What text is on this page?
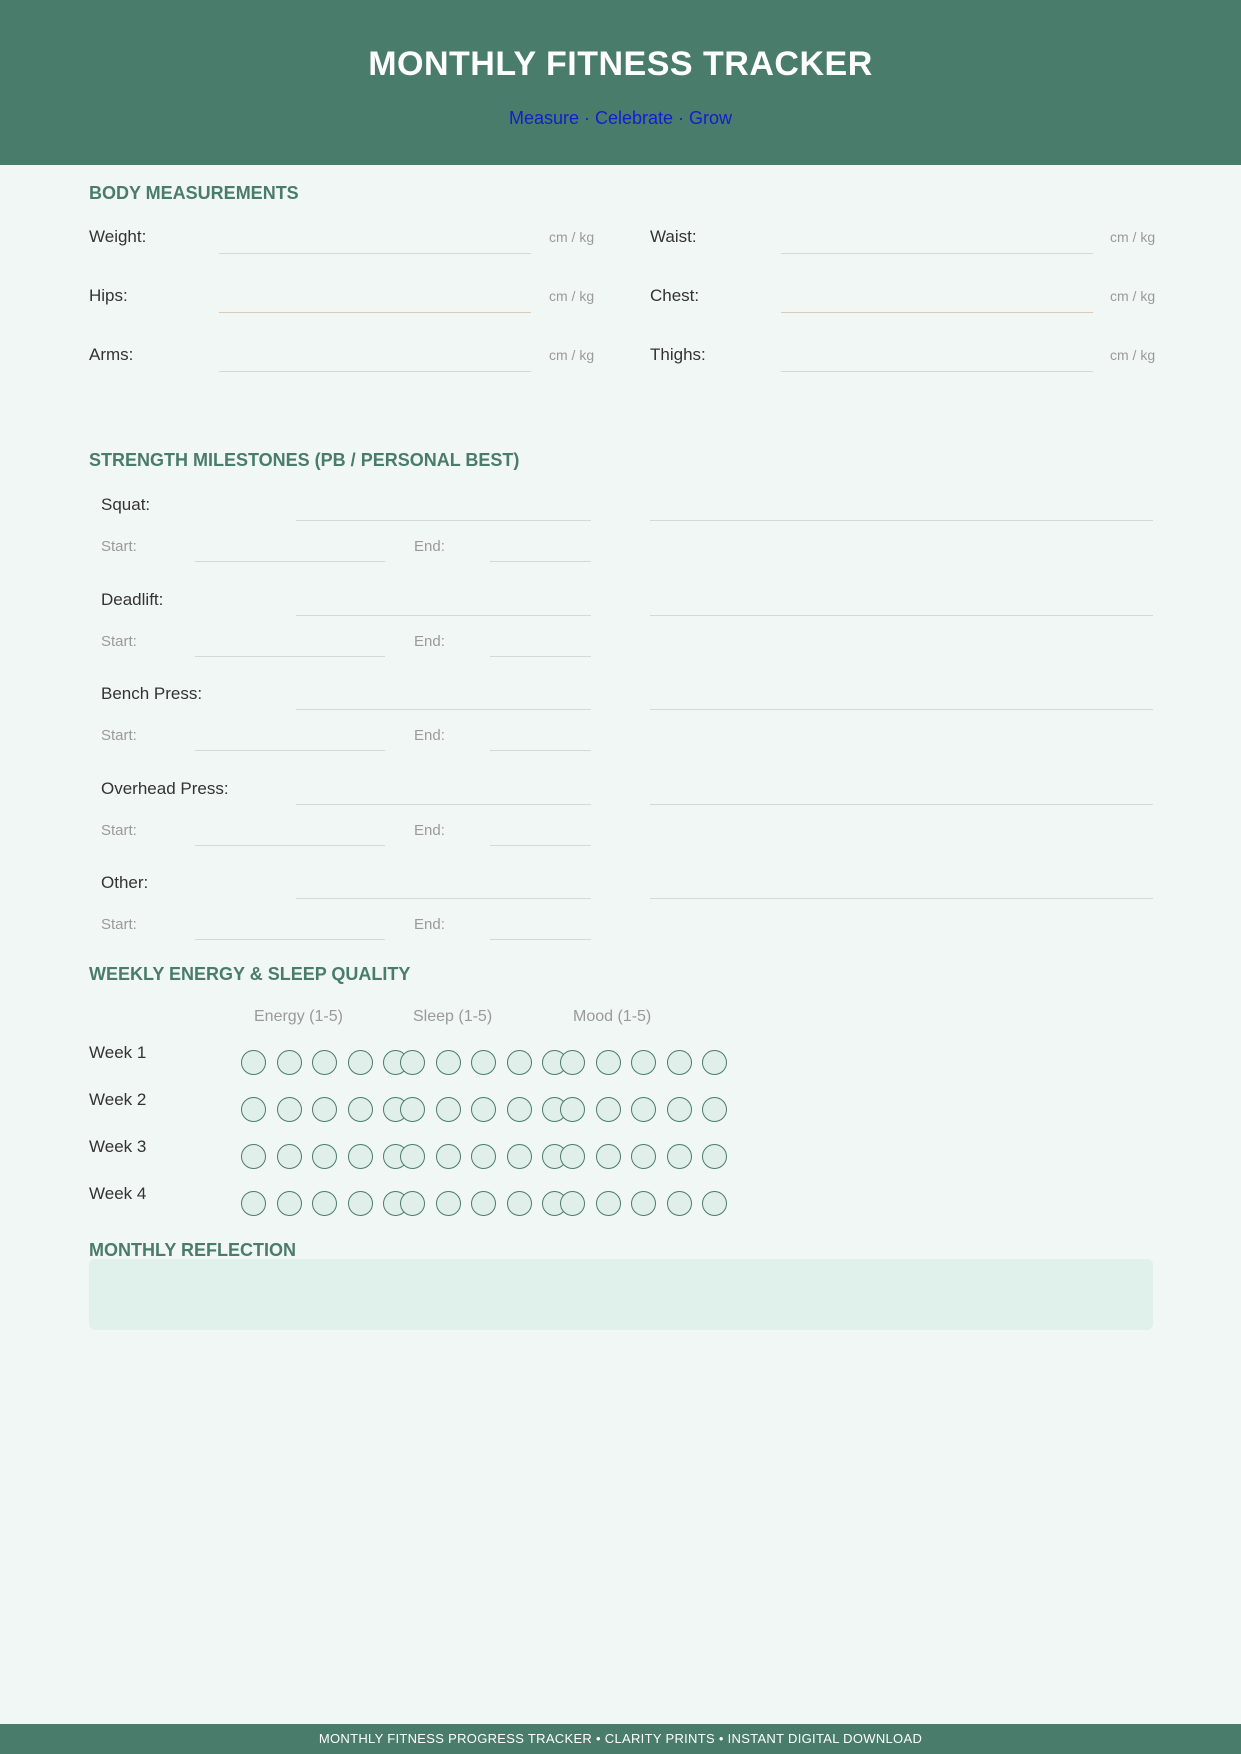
MONTHLY FITNESS TRACKER
Measure · Celebrate · Grow
BODY MEASUREMENTS
Weight:	cm / kg	Waist:	cm / kg
Hips:	cm / kg	Chest:	cm / kg
Arms:	cm / kg	Thighs:	cm / kg
STRENGTH MILESTONES (PB / PERSONAL BEST)
Squat:
Start:	End:
Deadlift:
Start:	End:
Bench Press:
Start:	End:
Overhead Press:
Start:	End:
Other:
Start:	End:
WEEKLY ENERGY & SLEEP QUALITY
Energy (1-5)	Sleep (1-5)	Mood (1-5)
Week 1
Week 2
Week 3
Week 4
MONTHLY REFLECTION
MONTHLY FITNESS PROGRESS TRACKER • CLARITY PRINTS • INSTANT DIGITAL DOWNLOAD
